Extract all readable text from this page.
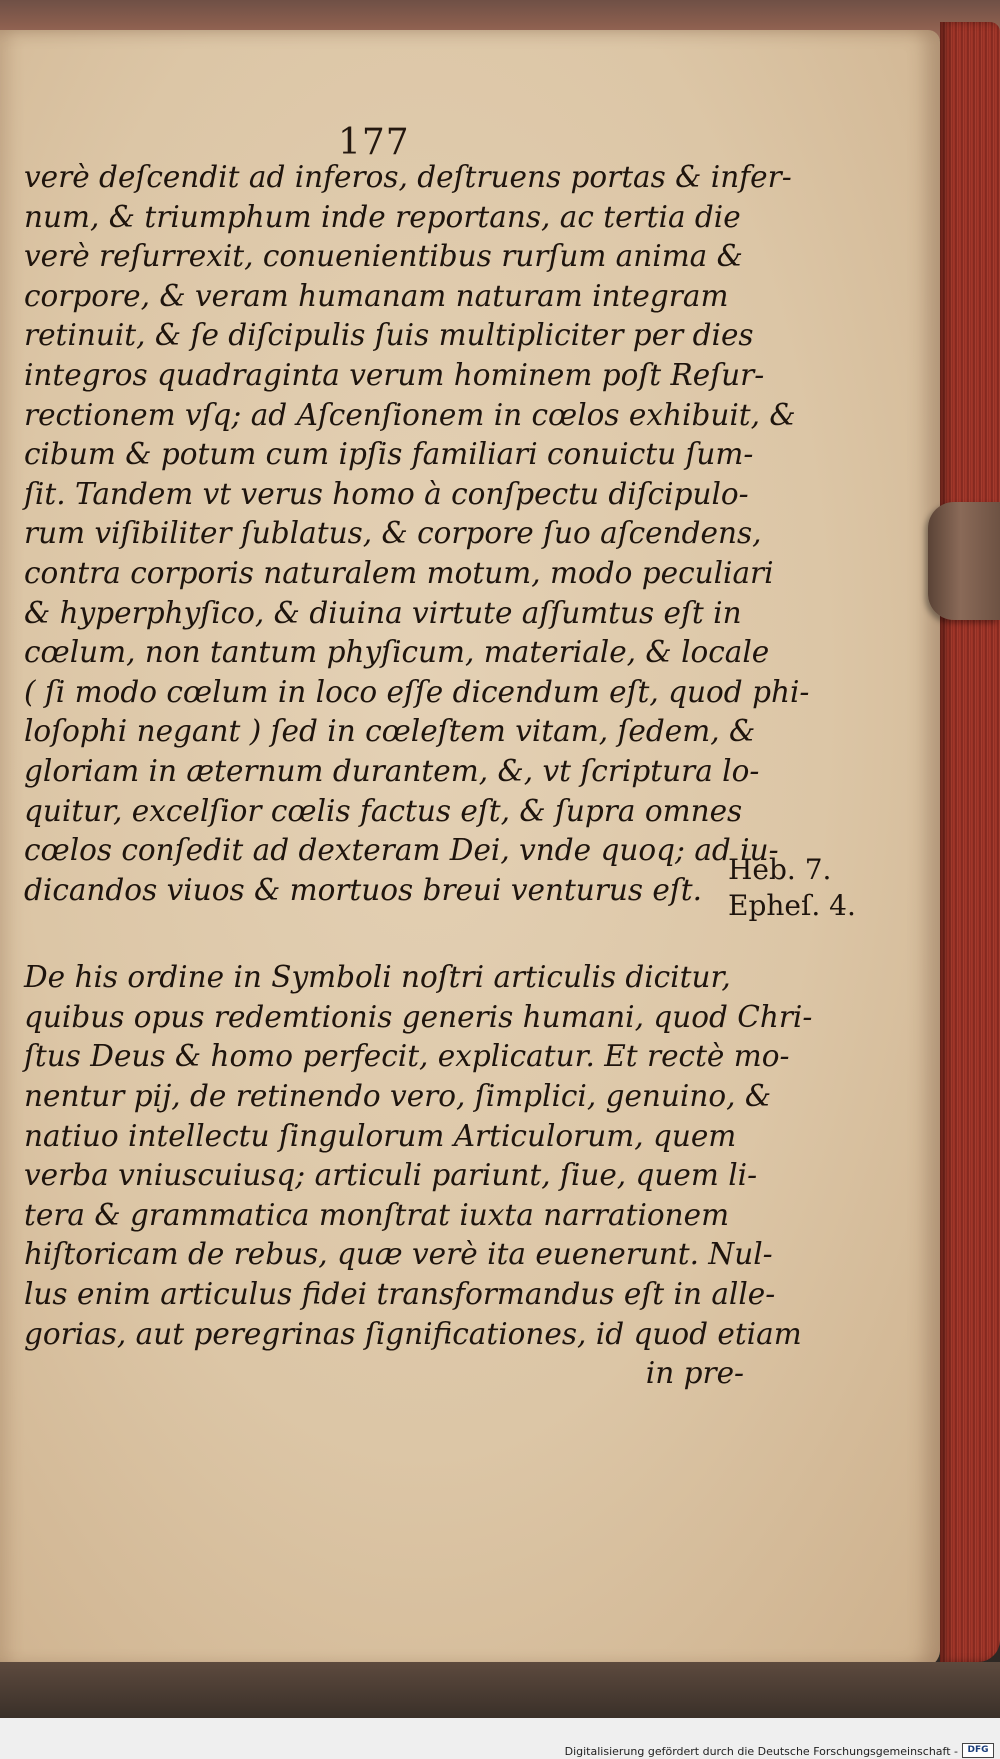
177
verè deſcendit ad inferos, deſtruens portas & infer-
num, & triumphum inde reportans, ac tertia die
verè reſurrexit, conuenientibus rurſum anima &
corpore, & veram humanam naturam integram
retinuit, & ſe diſcipulis ſuis multipliciter per dies
integros quadraginta verum hominem poſt Reſur-
rectionem vſq; ad Aſcenſionem in cœlos exhibuit, &
cibum & potum cum ipſis familiari conuictu ſum-
ſit. Tandem vt verus homo à conſpectu diſcipulo-
rum viſibiliter ſublatus, & corpore ſuo aſcendens,
contra corporis naturalem motum, modo peculiari
& hyperphyſico, & diuina virtute aſſumtus eſt in
cœlum, non tantum phyſicum, materiale, & locale
( ſi modo cœlum in loco eſſe dicendum eſt, quod phi-
loſophi negant ) ſed in cœleſtem vitam, ſedem, &
gloriam in æternum durantem, &, vt ſcriptura lo-
quitur, excelſior cœlis factus eſt, & ſupra omnes
cœlos conſedit ad dexteram Dei, vnde quoq; ad iu-
dicandos viuos & mortuos breui venturus eſt.
De his ordine in Symboli noſtri articulis dicitur,
quibus opus redemtionis generis humani, quod Chri-
ſtus Deus & homo perfecit, explicatur. Et rectè mo-
nentur pij, de retinendo vero, ſimplici, genuino, &
natiuo intellectu ſingulorum Articulorum, quem
verba vniuscuiusq; articuli pariunt, ſiue, quem li-
tera & grammatica monſtrat iuxta narrationem
hiſtoricam de rebus, quæ verè ita euenerunt. Nul-
lus enim articulus fidei transformandus eſt in alle-
gorias, aut peregrinas ſignificationes, id quod etiam
in pre-
Heb. 7.
Epheſ. 4.
Digitalisierung gefördert durch die Deutsche Forschungsgemeinschaft -	DFG
